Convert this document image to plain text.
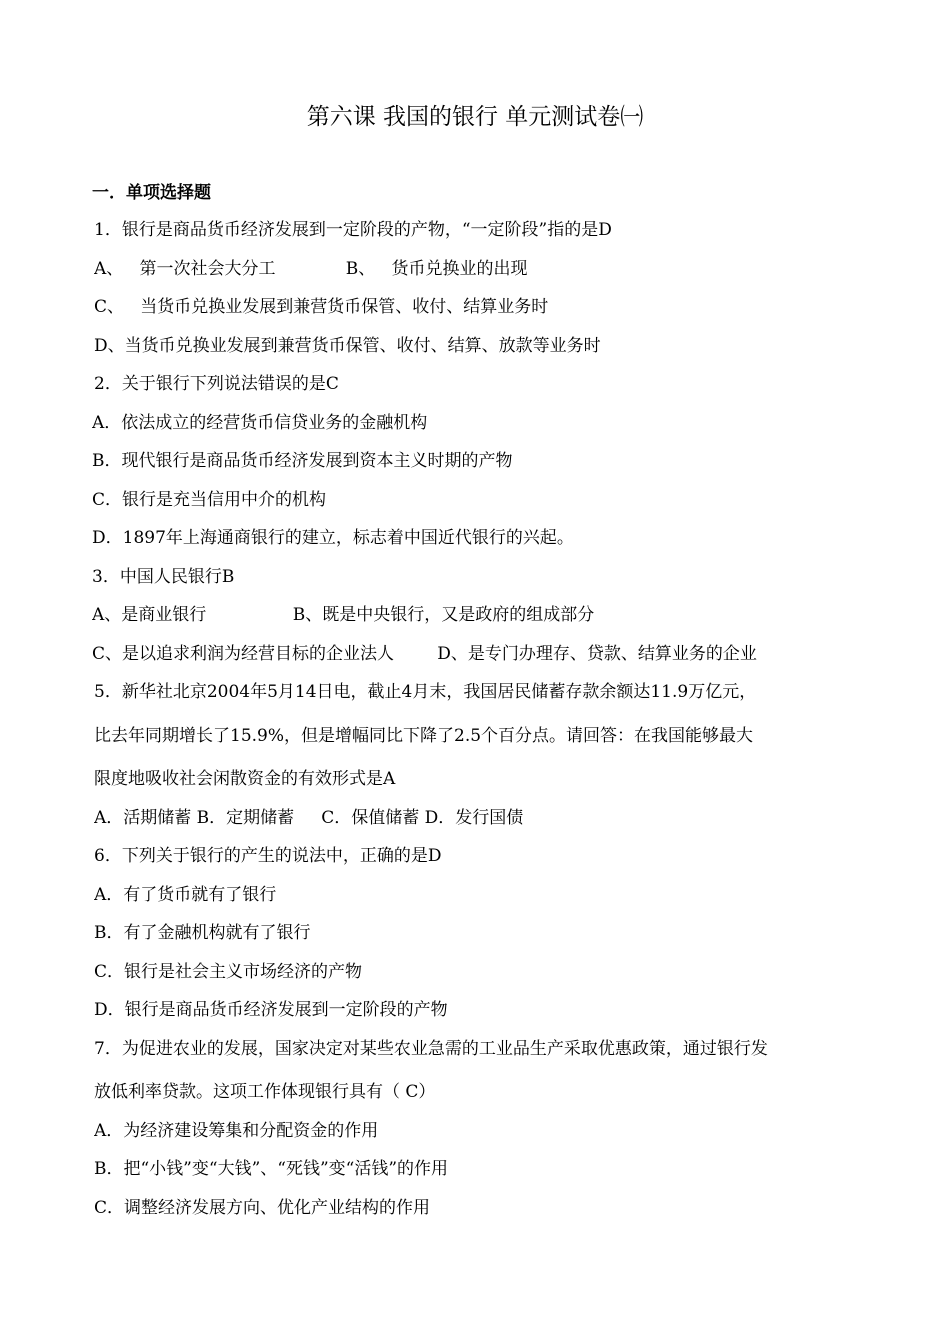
第六课 我国的银行 单元测试卷㈠
一．单项选择题
1．银行是商品货币经济发展到一定阶段的产物，“一定阶段”指的是D
A、   第一次社会大分工             B、   货币兑换业的出现
C、   当货币兑换业发展到兼营货币保管、收付、结算业务时
D、当货币兑换业发展到兼营货币保管、收付、结算、放款等业务时
2．关于银行下列说法错误的是C
A．依法成立的经营货币信贷业务的金融机构
B．现代银行是商品货币经济发展到资本主义时期的产物
C．银行是充当信用中介的机构
D．1897年上海通商银行的建立，标志着中国近代银行的兴起。
3．中国人民银行B
A、是商业银行                B、既是中央银行，又是政府的组成部分
C、是以追求利润为经营目标的企业法人        D、是专门办理存、贷款、结算业务的企业
5．新华社北京2004年5月14日电，截止4月末，我国居民储蓄存款余额达11.9万亿元，
比去年同期增长了15.9%，但是增幅同比下降了2.5个百分点。请回答：在我国能够最大
限度地吸收社会闲散资金的有效形式是A
A．活期储蓄 B．定期储蓄     C．保值储蓄 D．发行国债
6．下列关于银行的产生的说法中，正确的是D
A．有了货币就有了银行
B．有了金融机构就有了银行
C．银行是社会主义市场经济的产物
D．银行是商品货币经济发展到一定阶段的产物
7．为促进农业的发展，国家决定对某些农业急需的工业品生产采取优惠政策，通过银行发
放低利率贷款。这项工作体现银行具有（ C）
A．为经济建设筹集和分配资金的作用
B．把“小钱”变“大钱”、“死钱”变“活钱”的作用
C．调整经济发展方向、优化产业结构的作用
